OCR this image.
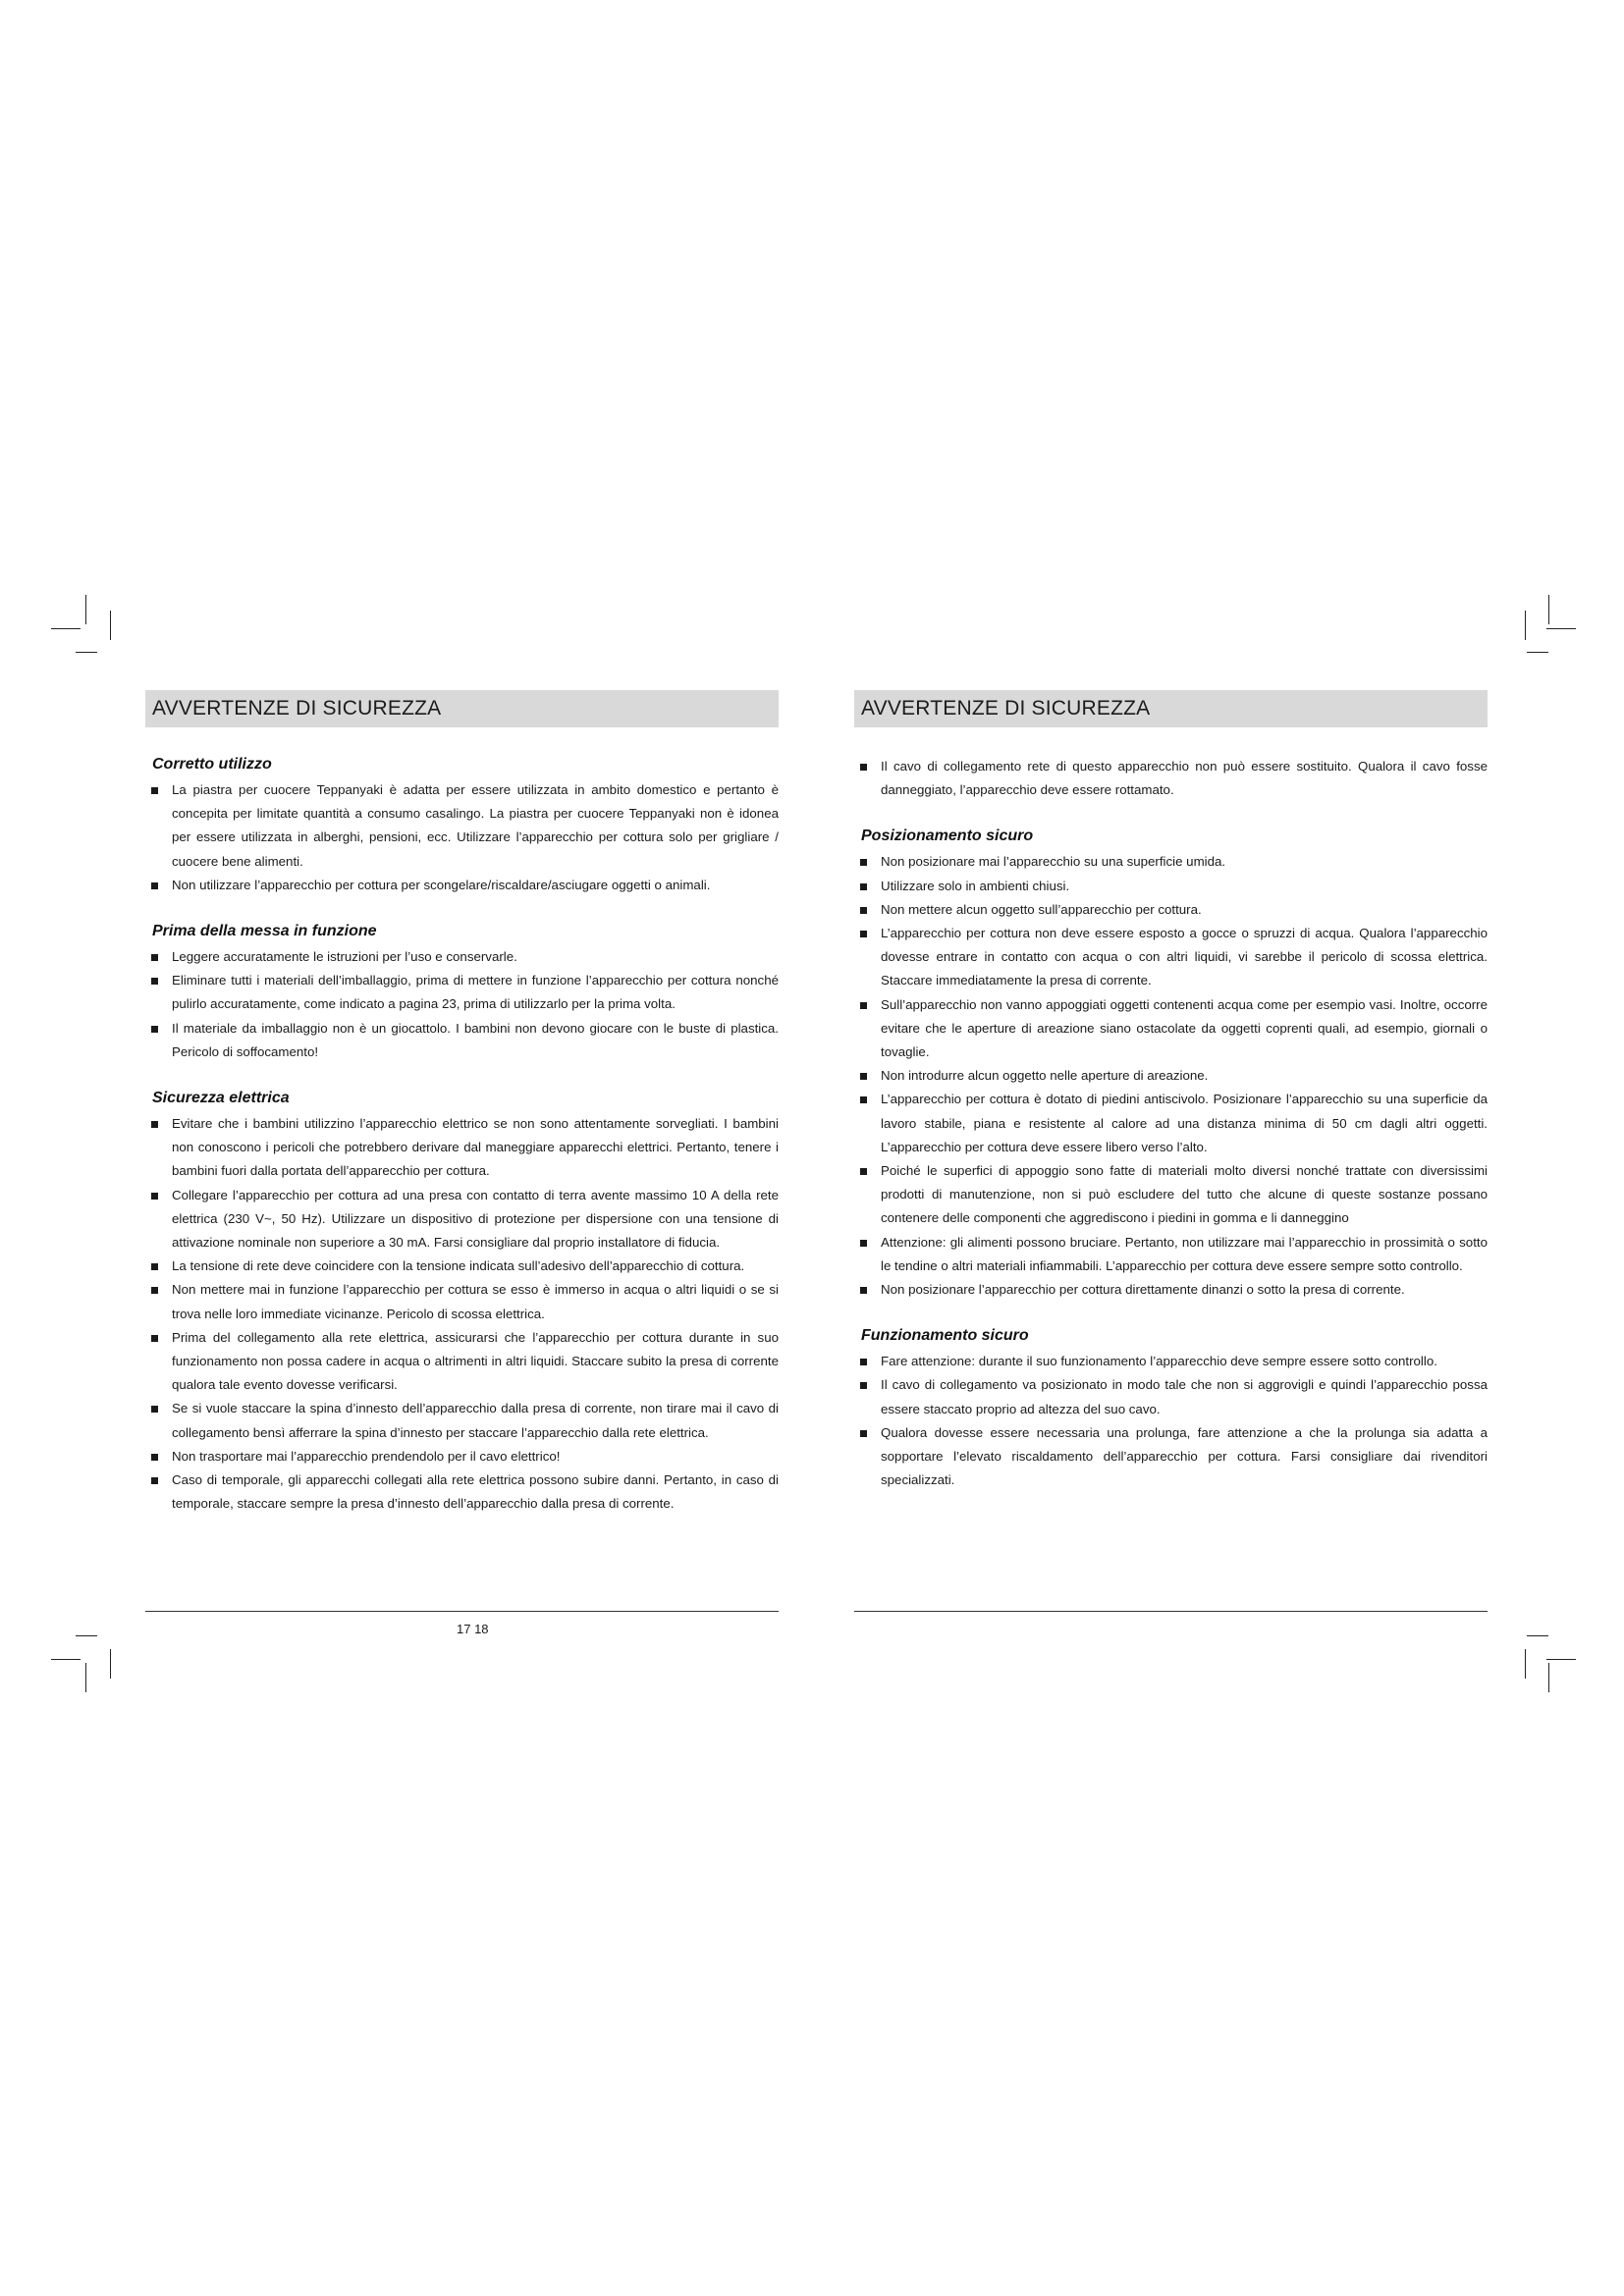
AVVERTENZE DI SICUREZZA
Corretto utilizzo
La piastra per cuocere Teppanyaki è adatta per essere utilizzata in ambito domestico e pertanto è concepita per limitate quantità a consumo casalingo. La piastra per cuocere Teppanyaki non è idonea per essere utilizzata in alberghi, pensioni, ecc. Utilizzare l’apparecchio per cottura solo per grigliare / cuocere bene alimenti.
Non utilizzare l’apparecchio per cottura per scongelare/riscaldare/asciugare oggetti o animali.
Prima della messa in funzione
Leggere accuratamente le istruzioni per l’uso e conservarle.
Eliminare tutti i materiali dell’imballaggio, prima di mettere in funzione l’apparecchio per cottura nonché pulirlo accuratamente, come indicato a pagina 23, prima di utilizzarlo per la prima volta.
Il materiale da imballaggio non è un giocattolo. I bambini non devono giocare con le buste di plastica. Pericolo di soffocamento!
Sicurezza elettrica
Evitare che i bambini utilizzino l’apparecchio elettrico se non sono attentamente sorvegliati. I bambini non conoscono i pericoli che potrebbero derivare dal maneggiare apparecchi elettrici. Pertanto, tenere i bambini fuori dalla portata dell’apparecchio per cottura.
Collegare l’apparecchio per cottura ad una presa con contatto di terra avente massimo 10 A della rete elettrica (230 V~, 50 Hz). Utilizzare un dispositivo di protezione per dispersione con una tensione di attivazione nominale non superiore a 30 mA. Farsi consigliare dal proprio installatore di fiducia.
La tensione di rete deve coincidere con la tensione indicata sull’adesivo dell’apparecchio di cottura.
Non mettere mai in funzione l’apparecchio per cottura se esso è immerso in acqua o altri liquidi o se si trova nelle loro immediate vicinanze. Pericolo di scossa elettrica.
Prima del collegamento alla rete elettrica, assicurarsi che l’apparecchio per cottura durante in suo funzionamento non possa cadere in acqua o altrimenti in altri liquidi. Staccare subito la presa di corrente qualora tale evento dovesse verificarsi.
Se si vuole staccare la spina d’innesto dell’apparecchio dalla presa di corrente, non tirare mai il cavo di collegamento bensì afferrare la spina d’innesto per staccare l’apparecchio dalla rete elettrica.
Non trasportare mai l’apparecchio prendendolo per il cavo elettrico!
Caso di temporale, gli apparecchi collegati alla rete elettrica possono subire danni. Pertanto, in caso di temporale, staccare sempre la presa d’innesto dell’apparecchio dalla presa di corrente.
17 18
AVVERTENZE DI SICUREZZA
Il cavo di collegamento rete di questo apparecchio non può essere sostituito. Qualora il cavo fosse danneggiato, l’apparecchio deve essere rottamato.
Posizionamento sicuro
Non posizionare mai l’apparecchio su una superficie umida.
Utilizzare solo in ambienti chiusi.
Non mettere alcun oggetto sull’apparecchio per cottura.
L’apparecchio per cottura non deve essere esposto a gocce o spruzzi di acqua. Qualora l’apparecchio dovesse entrare in contatto con acqua o con altri liquidi, vi sarebbe il pericolo di scossa elettrica. Staccare immediatamente la presa di corrente.
Sull’apparecchio non vanno appoggiati oggetti contenenti acqua come per esempio vasi. Inoltre, occorre evitare che le aperture di areazione siano ostacolate da oggetti coprenti quali, ad esempio, giornali o tovaglie.
Non introdurre alcun oggetto nelle aperture di areazione.
L’apparecchio per cottura è dotato di piedini antiscivolo. Posizionare l’apparecchio su una superficie da lavoro stabile, piana e resistente al calore ad una distanza minima di 50 cm dagli altri oggetti. L’apparecchio per cottura deve essere libero verso l’alto.
Poiché le superfici di appoggio sono fatte di materiali molto diversi nonché trattate con diversissimi prodotti di manutenzione, non si può escludere del tutto che alcune di queste sostanze possano contenere delle componenti che aggrediscono i piedini in gomma e li danneggino
Attenzione: gli alimenti possono bruciare. Pertanto, non utilizzare mai l’apparecchio in prossimità o sotto le tendine o altri materiali infiammabili. L’apparecchio per cottura deve essere sempre sotto controllo.
Non posizionare l’apparecchio per cottura direttamente dinanzi o sotto la presa di corrente.
Funzionamento sicuro
Fare attenzione: durante il suo funzionamento l’apparecchio deve sempre essere sotto controllo.
Il cavo di collegamento va posizionato in modo tale che non si aggrovigli e quindi l’apparecchio possa essere staccato proprio ad altezza del suo cavo.
Qualora dovesse essere necessaria una prolunga, fare attenzione a che la prolunga sia adatta a sopportare l’elevato riscaldamento dell’apparecchio per cottura. Farsi consigliare dai rivenditori specializzati.
